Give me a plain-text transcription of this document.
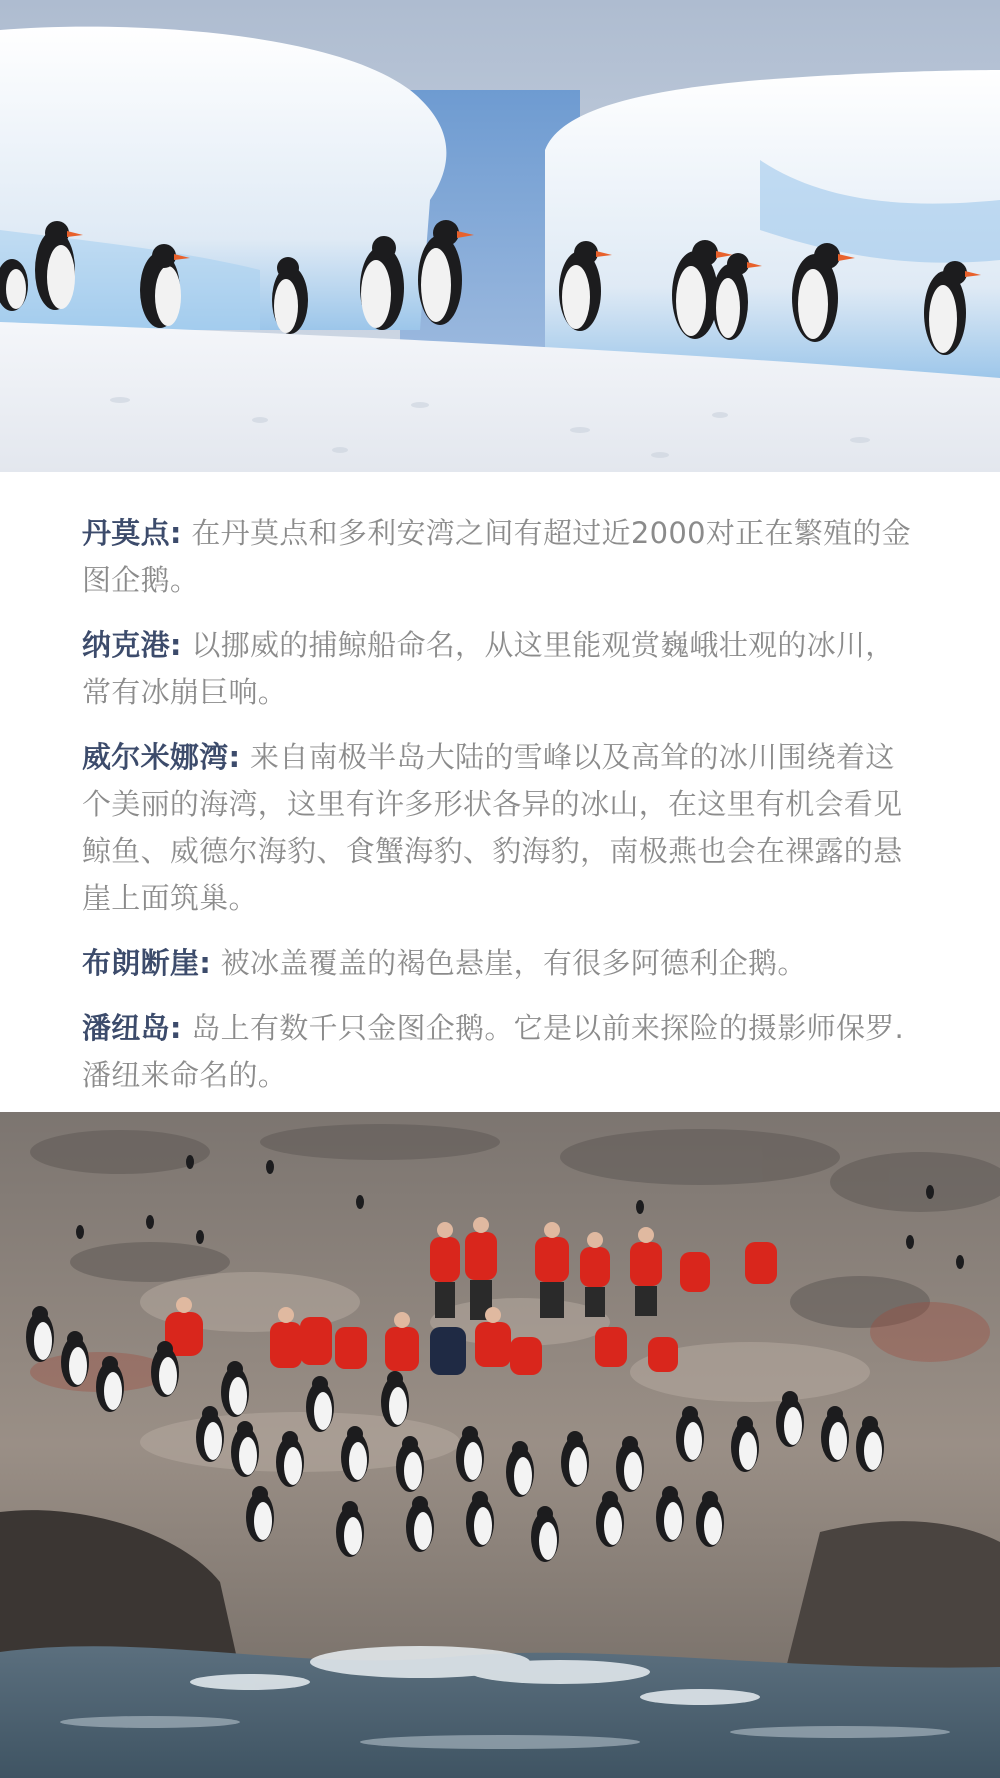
丹莫点: 在丹莫点和多利安湾之间有超过近2000对正在繁殖的金图企鹅。

纳克港: 以挪威的捕鲸船命名，从这里能观赏巍峨壮观的冰川，常有冰崩巨响。

威尔米娜湾: 来自南极半岛大陆的雪峰以及高耸的冰川围绕着这个美丽的海湾，这里有许多形状各异的冰山，在这里有机会看见鲸鱼、威德尔海豹、食蟹海豹、豹海豹，南极燕也会在裸露的悬崖上面筑巢。

布朗断崖: 被冰盖覆盖的褐色悬崖，有很多阿德利企鹅。

潘纽岛: 岛上有数千只金图企鹅。它是以前来探险的摄影师保罗.潘纽来命名的。
